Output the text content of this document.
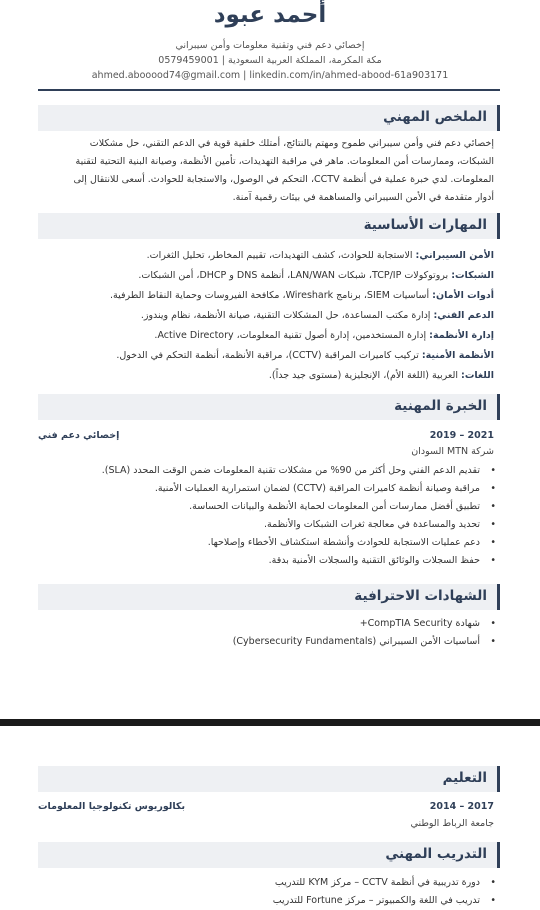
أحمد عبود
إخصائي دعم فني وتقنية معلومات وأمن سيبراني
مكة المكرمة، المملكة العربية السعودية | 0579459001
ahmed.abooood74@gmail.com | linkedin.com/in/ahmed-abood-61a903171
الملخص المهني
إخصائي دعم فني وأمن سيبراني طموح ومهتم بالنتائج، أمتلك خلفية قوية في الدعم التقني، حل مشكلات
الشبكات، وممارسات أمن المعلومات. ماهر في مراقبة التهديدات، تأمين الأنظمة، وصيانة البنية التحتية لتقنية
المعلومات. لدي خبرة عملية في أنظمة CCTV، التحكم في الوصول، والاستجابة للحوادث. أسعى للانتقال إلى
أدوار متقدمة في الأمن السيبراني والمساهمة في بيئات رقمية آمنة.
المهارات الأساسية
الأمن السيبراني: الاستجابة للحوادث، كشف التهديدات، تقييم المخاطر، تحليل الثغرات.
الشبكات: بروتوكولات TCP/IP، شبكات LAN/WAN، أنظمة DNS و DHCP، أمن الشبكات.
أدوات الأمان: أساسيات SIEM، برنامج Wireshark، مكافحة الفيروسات وحماية النقاط الطرفية.
الدعم الفني: إدارة مكتب المساعدة، حل المشكلات التقنية، صيانة الأنظمة، نظام ويندوز.
إدارة الأنظمة: إدارة المستخدمين، إدارة أصول تقنية المعلومات، Active Directory.
الأنظمة الأمنية: تركيب كاميرات المراقبة (CCTV)، مراقبة الأنظمة، أنظمة التحكم في الدخول.
اللغات: العربية (اللغة الأم)، الإنجليزية (مستوى جيد جداً).
الخبرة المهنية
2019 – 2021
إخصائي دعم فني
شركة MTN السودان
• تقديم الدعم الفني وحل أكثر من 90% من مشكلات تقنية المعلومات ضمن الوقت المحدد (SLA).
• مراقبة وصيانة أنظمة كاميرات المراقبة (CCTV) لضمان استمرارية العمليات الأمنية.
• تطبيق أفضل ممارسات أمن المعلومات لحماية الأنظمة والبيانات الحساسة.
• تحديد والمساعدة في معالجة ثغرات الشبكات والأنظمة.
• دعم عمليات الاستجابة للحوادث وأنشطة استكشاف الأخطاء وإصلاحها.
• حفظ السجلات والوثائق التقنية والسجلات الأمنية بدقة.
الشهادات الاحترافية
• شهادة CompTIA Security+
• أساسيات الأمن السيبراني (Cybersecurity Fundamentals)
التعليم
2014 – 2017
بكالوريوس تكنولوجيا المعلومات
جامعة الرباط الوطني
التدريب المهني
• دورة تدريبية في أنظمة CCTV – مركز KYM للتدريب
• تدريب في اللغة والكمبيوتر – مركز Fortune للتدريب
